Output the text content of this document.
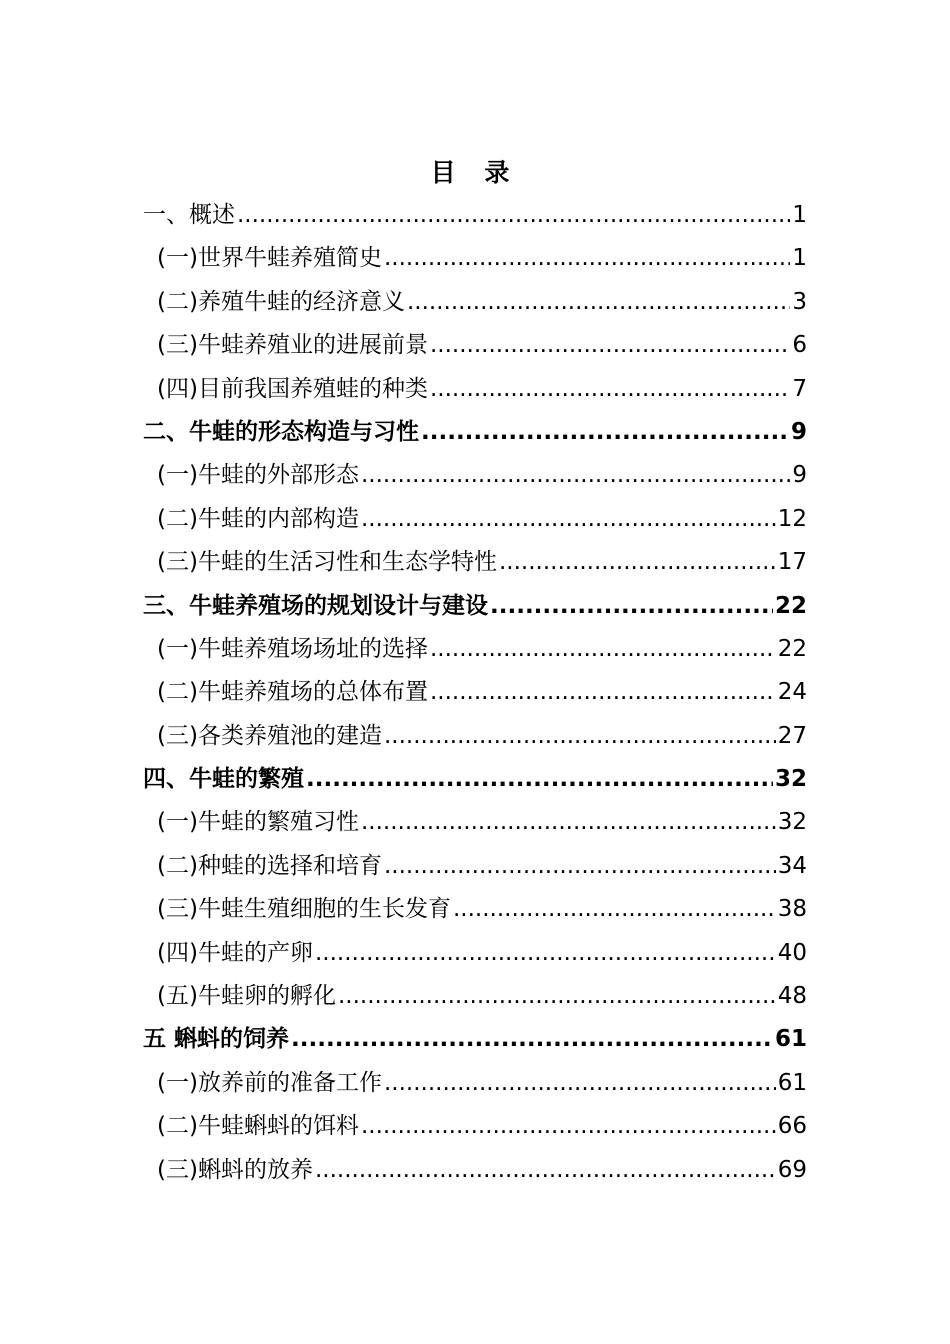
目 录
一、概述 .....	1
(一)世界牛蛙养殖简史 .....	1
(二)养殖牛蛙的经济意义 .....	3
(三)牛蛙养殖业的进展前景 .....	6
(四)目前我国养殖蛙的种类 .....	7
二、牛蛙的形态构造与习性 .....	9
(一)牛蛙的外部形态 .....	9
(二)牛蛙的内部构造 .....	12
(三)牛蛙的生活习性和生态学特性 .....	17
三、牛蛙养殖场的规划设计与建设 .....	22
(一)牛蛙养殖场场址的选择 .....	22
(二)牛蛙养殖场的总体布置 .....	24
(三)各类养殖池的建造 .....	27
四、牛蛙的繁殖 .....	32
(一)牛蛙的繁殖习性 .....	32
(二)种蛙的选择和培育 .....	34
(三)牛蛙生殖细胞的生长发育 .....	38
(四)牛蛙的产卵 .....	40
(五)牛蛙卵的孵化 .....	48
五 蝌蚪的饲养 .....	61
(一)放养前的准备工作 .....	61
(二)牛蛙蝌蚪的饵料 .....	66
(三)蝌蚪的放养 .....	69
